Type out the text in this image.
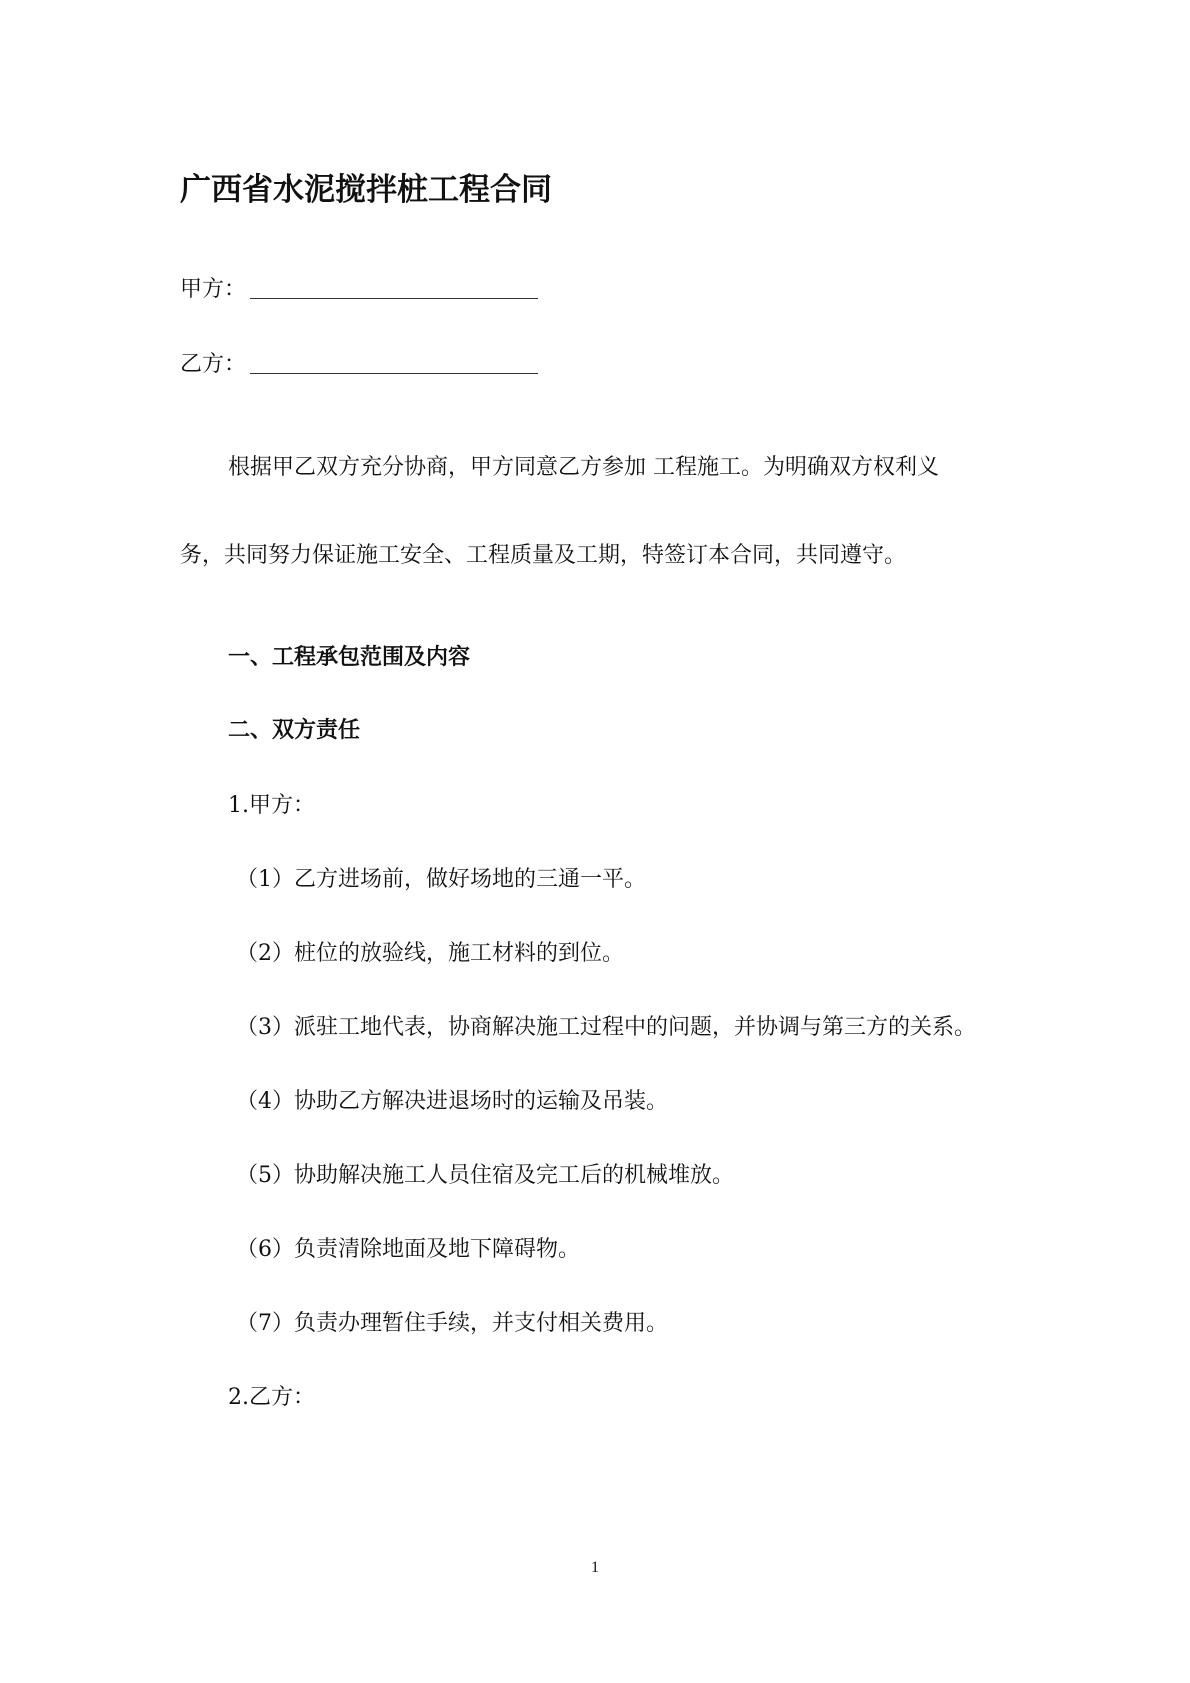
广西省水泥搅拌桩工程合同
甲方：
乙方：
根据甲乙双方充分协商，甲方同意乙方参加 工程施工。为明确双方权利义
务，共同努力保证施工安全、工程质量及工期，特签订本合同，共同遵守。
一、工程承包范围及内容
二、双方责任
1.甲方：
（1）乙方进场前，做好场地的三通一平。
（2）桩位的放验线，施工材料的到位。
（3）派驻工地代表，协商解决施工过程中的问题，并协调与第三方的关系。
（4）协助乙方解决进退场时的运输及吊装。
（5）协助解决施工人员住宿及完工后的机械堆放。
（6）负责清除地面及地下障碍物。
（7）负责办理暂住手续，并支付相关费用。
2.乙方：
1
